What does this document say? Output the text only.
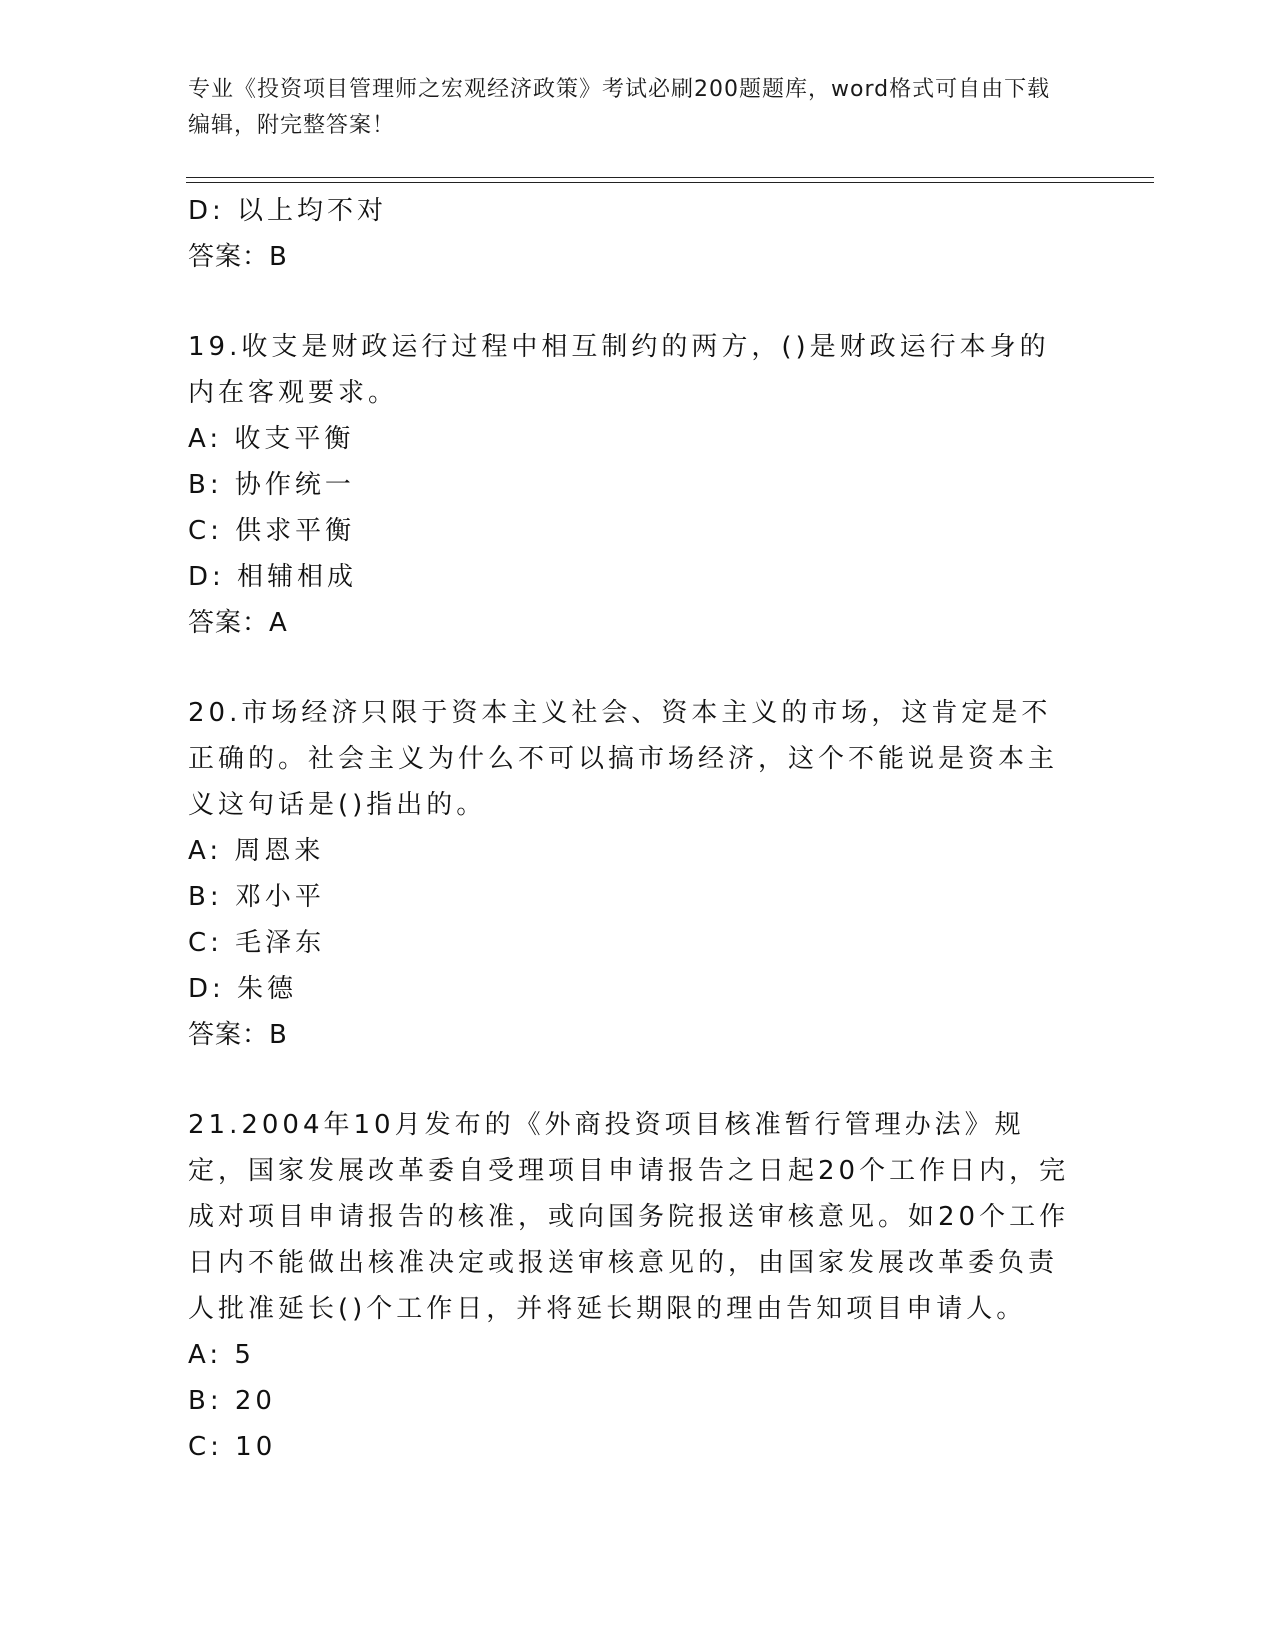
专业《投资项目管理师之宏观经济政策》考试必刷200题题库，word格式可自由下载编辑，附完整答案！
D: 以上均不对
答案：B
19.收支是财政运行过程中相互制约的两方，()是财政运行本身的内在客观要求。
A: 收支平衡
B: 协作统一
C: 供求平衡
D: 相辅相成
答案：A
20.市场经济只限于资本主义社会、资本主义的市场，这肯定是不正确的。社会主义为什么不可以搞市场经济，这个不能说是资本主义这句话是()指出的。
A: 周恩来
B: 邓小平
C: 毛泽东
D: 朱德
答案：B
21.2004年10月发布的《外商投资项目核准暂行管理办法》规定，国家发展改革委自受理项目申请报告之日起20个工作日内，完成对项目申请报告的核准，或向国务院报送审核意见。如20个工作日内不能做出核准决定或报送审核意见的，由国家发展改革委负责人批准延长()个工作日，并将延长期限的理由告知项目申请人。
A: 5
B: 20
C: 10
